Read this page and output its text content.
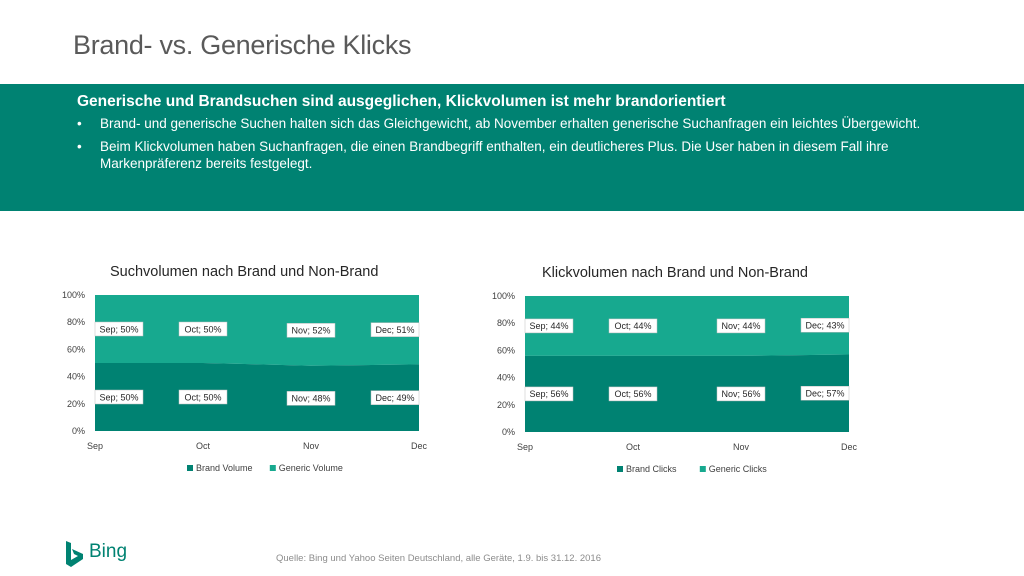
Brand- vs. Generische Klicks
Generische und Brandsuchen sind ausgeglichen, Klickvolumen ist mehr brandorientiert
• Brand- und generische Suchen halten sich das Gleichgewicht, ab November erhalten generische Suchanfragen ein leichtes Übergewicht.
• Beim Klickvolumen haben Suchanfragen, die einen Brandbegriff enthalten, ein deutlicheres Plus. Die User haben in diesem Fall ihre Markenpräferenz bereits festgelegt.
Suchvolumen nach Brand und Non-Brand
0%
20%
40%
60%
80%
100%
Sep	Oct	Nov	Dec
Sep; 50%	Oct; 50%	Nov; 48%	Dec; 49%
Sep; 50%	Oct; 50%	Nov; 52%	Dec; 51%
Brand Volume	Generic Volume
Klickvolumen nach Brand und Non-Brand
0%
20%
40%
60%
80%
100%
Sep	Oct	Nov	Dec
Sep; 56%	Oct; 56%	Nov; 56%	Dec; 57%
Sep; 44%	Oct; 44%	Nov; 44%	Dec; 43%
Brand Clicks	Generic Clicks
Bing	Quelle: Bing und Yahoo Seiten Deutschland, alle Geräte, 1.9. bis 31.12. 2016
